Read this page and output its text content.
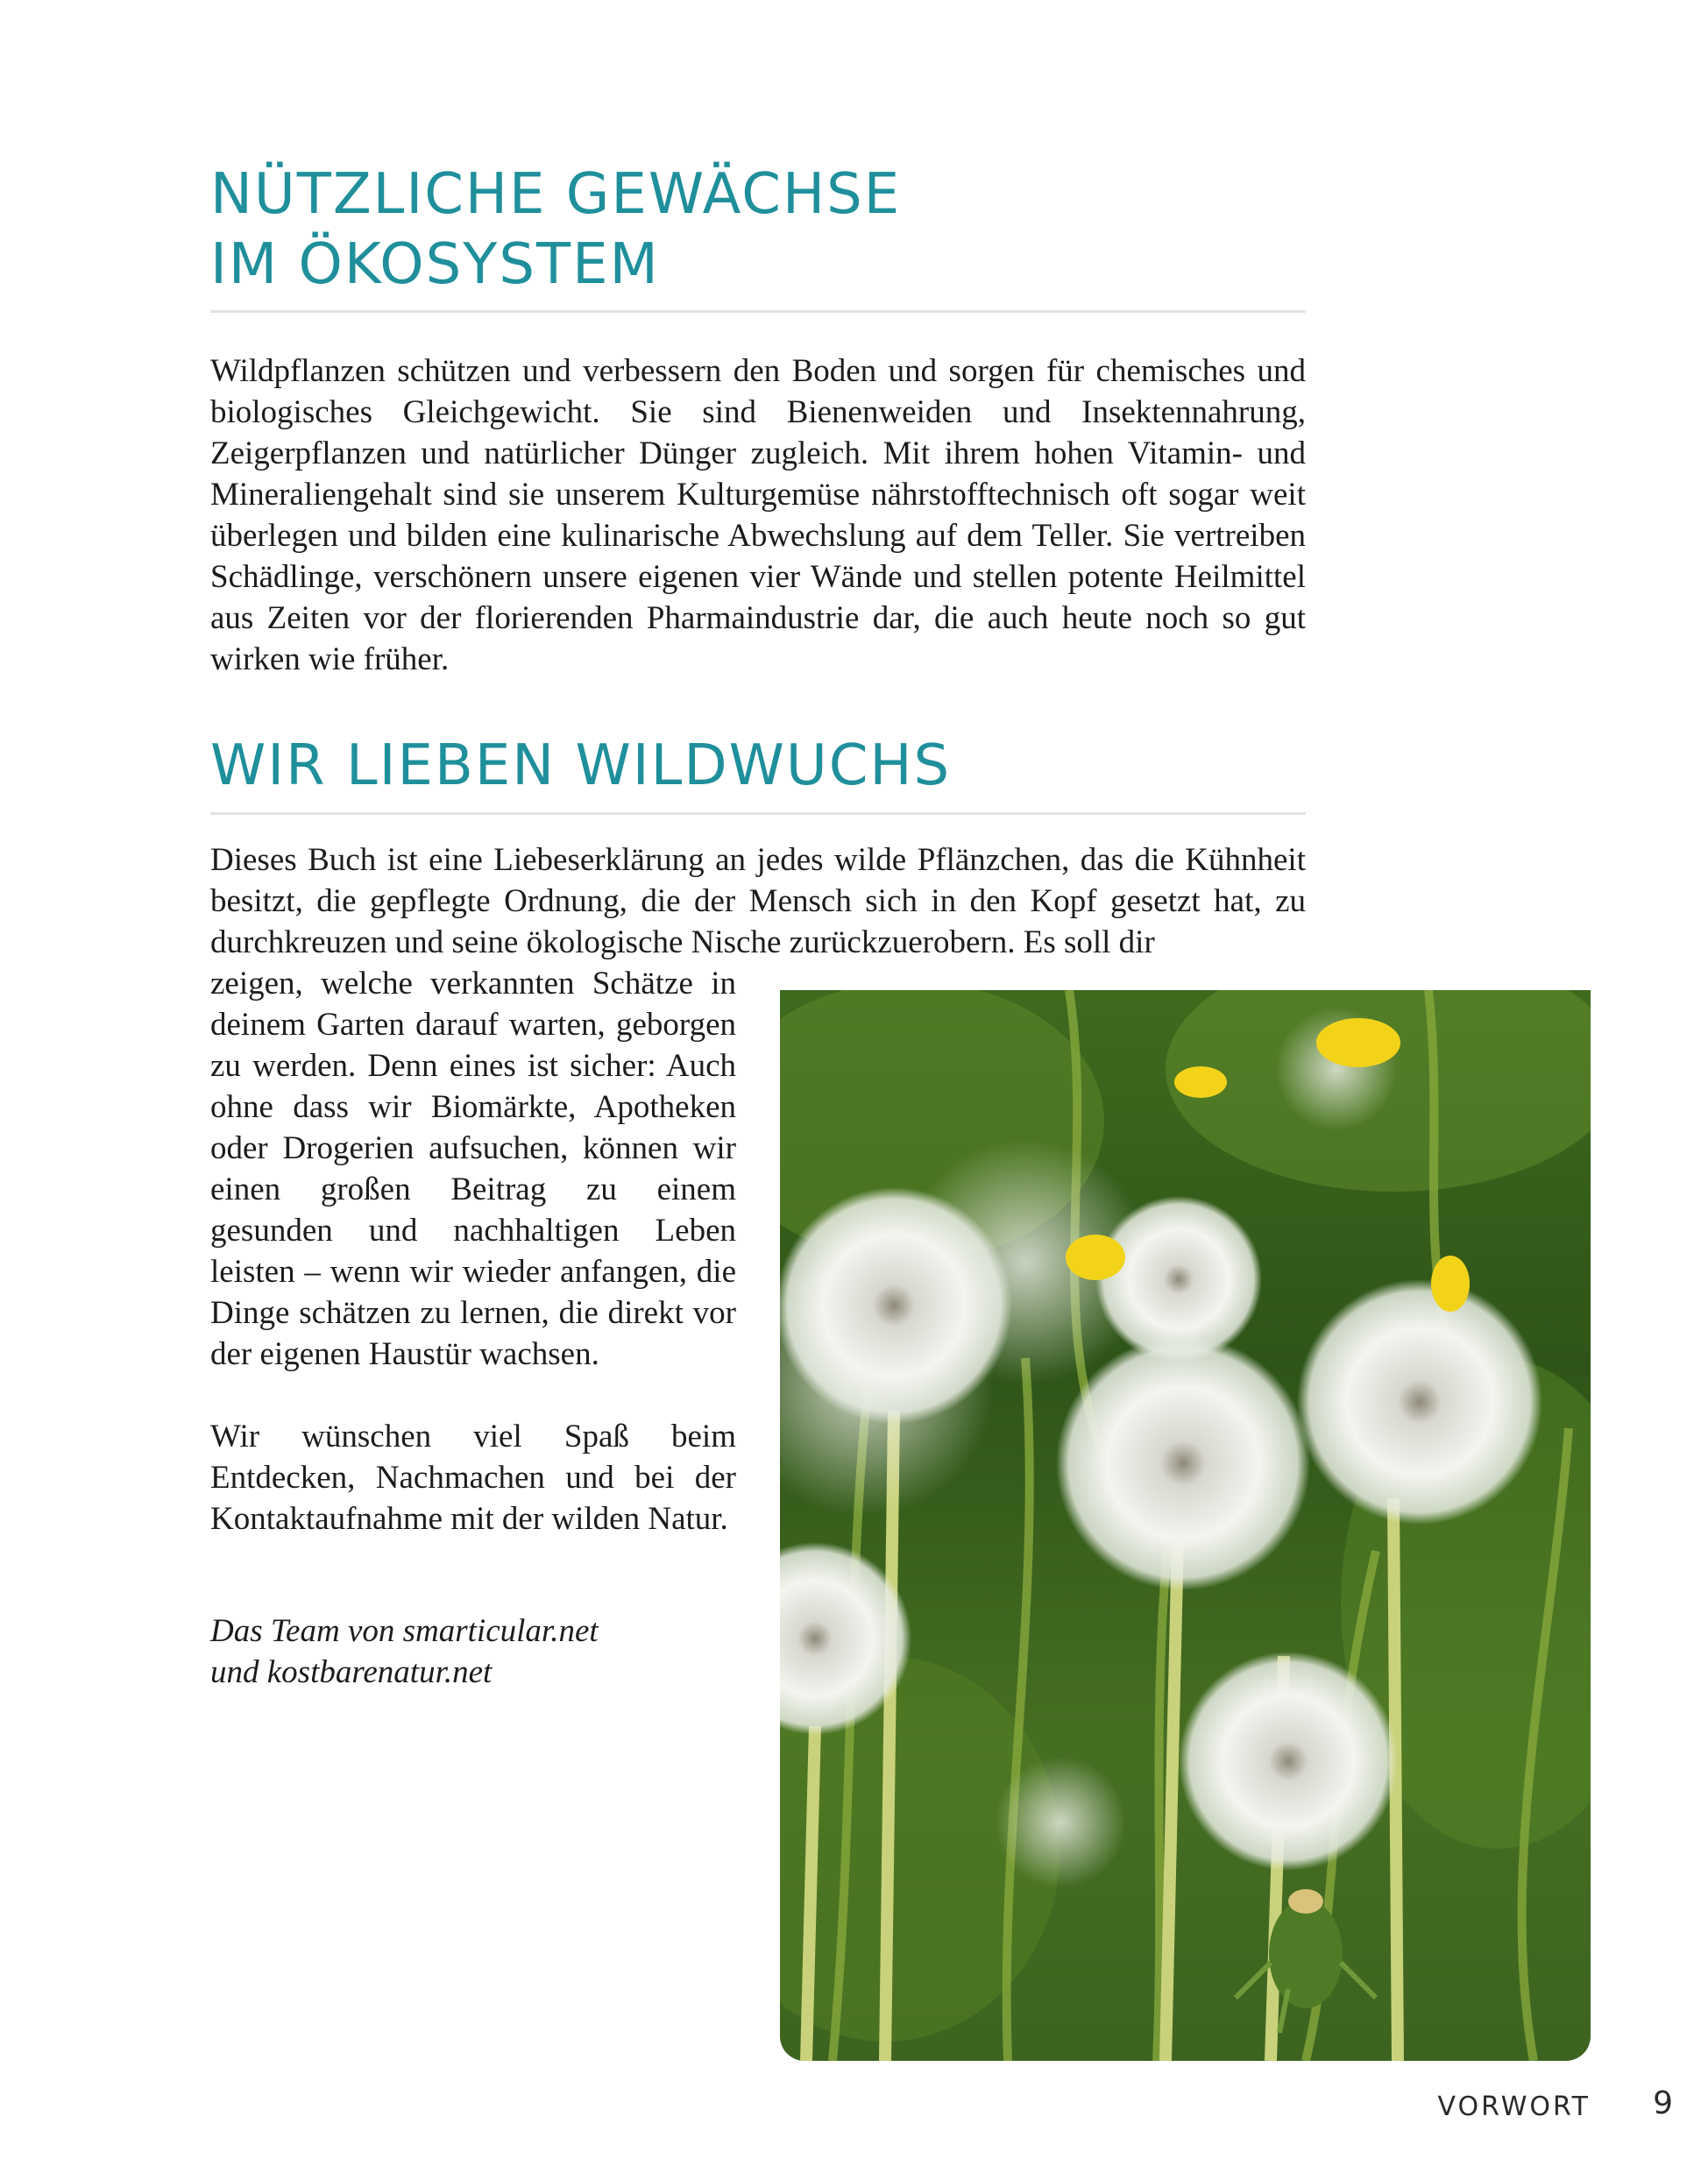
NÜTZLICHE GEWÄCHSE
IM ÖKOSYSTEM

Wildpflanzen schützen und verbessern den Boden und sorgen für chemisches und biologisches Gleichgewicht. Sie sind Bienenweiden und Insektennahrung, Zeigerpflanzen und natürlicher Dünger zugleich. Mit ihrem hohen Vitamin- und Mineraliengehalt sind sie unserem Kulturgemüse nährstofftechnisch oft sogar weit überlegen und bilden eine kulinarische Abwechslung auf dem Teller. Sie vertreiben Schädlinge, verschönern unsere eigenen vier Wände und stellen potente Heilmittel aus Zeiten vor der florierenden Pharmaindustrie dar, die auch heute noch so gut wirken wie früher.

WIR LIEBEN WILDWUCHS

Dieses Buch ist eine Liebeserklärung an jedes wilde Pflänzchen, das die Kühnheit besitzt, die gepflegte Ordnung, die der Mensch sich in den Kopf gesetzt hat, zu durchkreuzen und seine ökologische Nische zurückzuerobern. Es soll dir

zeigen, welche verkannten Schätze in deinem Garten darauf warten, geborgen zu werden. Denn eines ist sicher: Auch ohne dass wir Biomärkte, Apotheken oder Drogerien aufsuchen, können wir einen großen Beitrag zu einem gesunden und nachhaltigen Leben leisten – wenn wir wieder anfangen, die Dinge schätzen zu lernen, die direkt vor der eigenen Haustür wachsen.

Wir wünschen viel Spaß beim Entdecken, Nachmachen und bei der Kontaktaufnahme mit der wilden Natur.

Das Team von smarticular.net
und kostbarenatur.net
VORWORT 9
